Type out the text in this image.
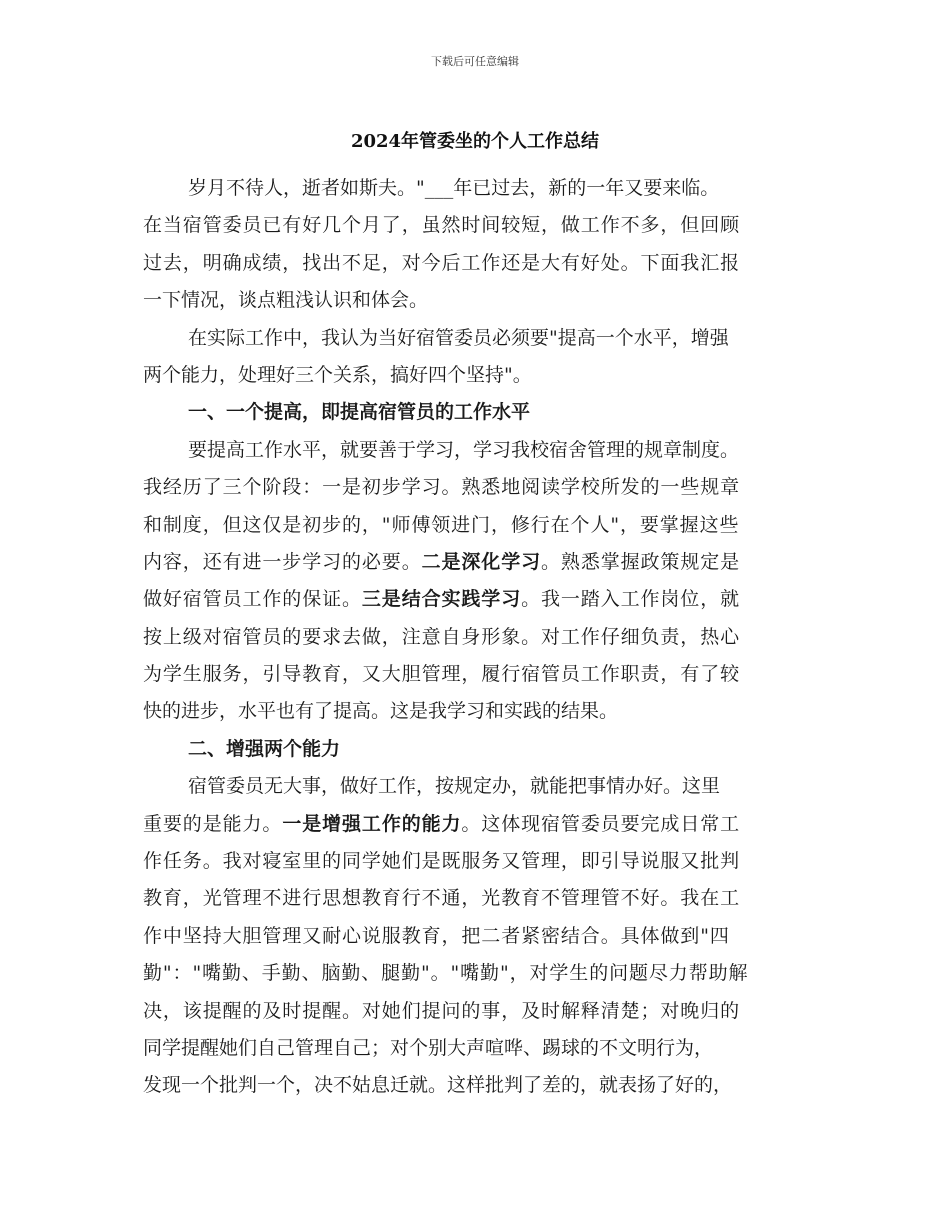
下载后可任意编辑
2024年管委坐的个人工作总结
岁月不待人，逝者如斯夫。"___年已过去，新的一年又要来临。
在当宿管委员已有好几个月了，虽然时间较短，做工作不多，但回顾
过去，明确成绩，找出不足，对今后工作还是大有好处。下面我汇报
一下情况，谈点粗浅认识和体会。
在实际工作中，我认为当好宿管委员必须要"提高一个水平，增强
两个能力，处理好三个关系，搞好四个坚持"。
一、一个提高，即提高宿管员的工作水平
要提高工作水平，就要善于学习，学习我校宿舍管理的规章制度。
我经历了三个阶段：一是初步学习。熟悉地阅读学校所发的一些规章
和制度，但这仅是初步的，"师傅领进门，修行在个人"，要掌握这些
内容，还有进一步学习的必要。二是深化学习。熟悉掌握政策规定是
做好宿管员工作的保证。三是结合实践学习。我一踏入工作岗位，就
按上级对宿管员的要求去做，注意自身形象。对工作仔细负责，热心
为学生服务，引导教育，又大胆管理，履行宿管员工作职责，有了较
快的进步，水平也有了提高。这是我学习和实践的结果。
二、增强两个能力
宿管委员无大事，做好工作，按规定办，就能把事情办好。这里
重要的是能力。一是增强工作的能力。这体现宿管委员要完成日常工
作任务。我对寝室里的同学她们是既服务又管理，即引导说服又批判
教育，光管理不进行思想教育行不通，光教育不管理管不好。我在工
作中坚持大胆管理又耐心说服教育，把二者紧密结合。具体做到"四
勤"："嘴勤、手勤、脑勤、腿勤"。"嘴勤"，对学生的问题尽力帮助解
决，该提醒的及时提醒。对她们提问的事，及时解释清楚；对晚归的
同学提醒她们自己管理自己；对个别大声喧哗、踢球的不文明行为，
发现一个批判一个，决不姑息迁就。这样批判了差的，就表扬了好的，
